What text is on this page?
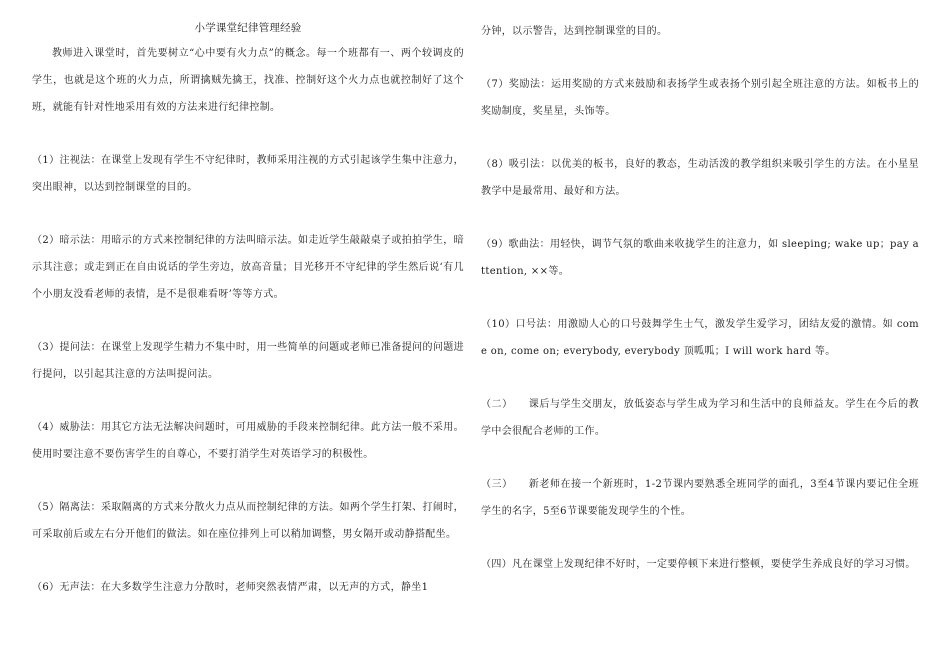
小学课堂纪律管理经验

教师进入课堂时，首先要树立“心中要有火力点”的概念。每一个班都有一、两个较调皮的学生，也就是这个班的火力点，所谓擒贼先擒王，找准、控制好这个火力点也就控制好了这个班，就能有针对性地采用有效的方法来进行纪律控制。

（1）注视法：在课堂上发现有学生不守纪律时，教师采用注视的方式引起该学生集中注意力，突出眼神，以达到控制课堂的目的。

（2）暗示法：用暗示的方式来控制纪律的方法叫暗示法。如走近学生敲敲桌子或拍拍学生，暗示其注意；或走到正在自由说话的学生旁边，放高音量；目光移开不守纪律的学生然后说‘有几个小朋友没看老师的表情，是不是很难看呀’等等方式。

（3）提问法：在课堂上发现学生精力不集中时，用一些简单的问题或老师已准备提问的问题进行提问，以引起其注意的方法叫提问法。

（4）威胁法：用其它方法无法解决问题时，可用威胁的手段来控制纪律。此方法一般不采用。使用时要注意不要伤害学生的自尊心，不要打消学生对英语学习的积极性。

（5）隔离法：采取隔离的方式来分散火力点从而控制纪律的方法。如两个学生打架、打闹时，可采取前后或左右分开他们的做法。如在座位排列上可以稍加调整，男女隔开或动静搭配坐。

（6）无声法：在大多数学生注意力分散时，老师突然表情严肃，以无声的方式，静坐1

分钟，以示警告，达到控制课堂的目的。

（7）奖励法：运用奖励的方式来鼓励和表扬学生或表扬个别引起全班注意的方法。如板书上的奖励制度，奖星星，头饰等。

（8）吸引法：以优美的板书，良好的教态，生动活泼的教学组织来吸引学生的方法。在小星星教学中是最常用、最好和方法。

（9）歌曲法：用轻快，调节气氛的歌曲来收拢学生的注意力，如 sleeping; wake up；pay attention, ××等。

（10）口号法：用激励人心的口号鼓舞学生士气，激发学生爱学习，团结友爱的激情。如 come on, come on; everybody, everybody 顶呱呱；I will work hard 等。

（二）　　课后与学生交朋友，放低姿态与学生成为学习和生活中的良师益友。学生在今后的教学中会很配合老师的工作。

（三）　　新老师在接一个新班时，1-2节课内要熟悉全班同学的面孔，3至4节课内要记住全班学生的名字，5至6节课要能发现学生的个性。

（四）凡在课堂上发现纪律不好时，一定要停顿下来进行整顿，要使学生养成良好的学习习惯。
